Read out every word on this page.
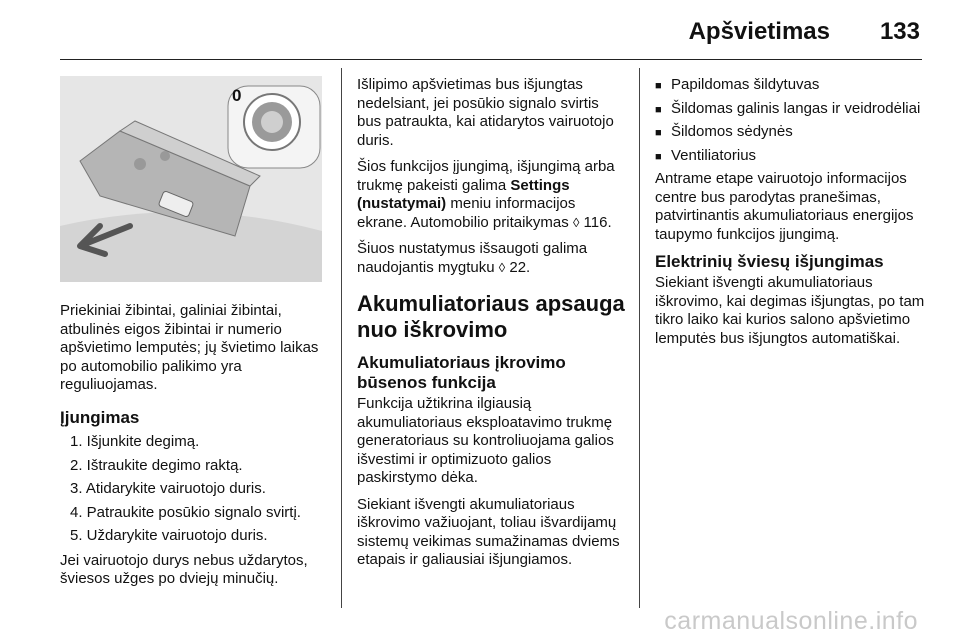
Apšvietimas 133
0

Priekiniai žibintai, galiniai žibintai, atbulinės eigos žibintai ir numerio apšvietimo lemputės; jų švietimo laikas po automobilio palikimo yra reguliuojamas.

Įjungimas
1. Išjunkite degimą.
2. Ištraukite degimo raktą.
3. Atidarykite vairuotojo duris.
4. Patraukite posūkio signalo svirtį.
5. Uždarykite vairuotojo duris.

Jei vairuotojo durys nebus uždarytos, šviesos užges po dviejų minučių.

Išlipimo apšvietimas bus išjungtas nedelsiant, jei posūkio signalo svirtis bus patraukta, kai atidarytos vairuotojo duris.

Šios funkcijos įjungimą, išjungimą arba trukmę pakeisti galima Settings (nustatymai) meniu informacijos ekrane. Automobilio pritaikymas ◊ 116.

Šiuos nustatymus išsaugoti galima naudojantis mygtuku ◊ 22.

Akumuliatoriaus apsauga nuo iškrovimo
Akumuliatoriaus įkrovimo būsenos funkcija

Funkcija užtikrina ilgiausią akumuliatoriaus eksploatavimo trukmę generatoriaus su kontroliuojama galios išvestimi ir optimizuoto galios paskirstymo dėka.

Siekiant išvengti akumuliatoriaus iškrovimo važiuojant, toliau išvardijamų sistemų veikimas sumažinamas dviems etapais ir galiausiai išjungiamos.

■ Papildomas šildytuvas
■ Šildomas galinis langas ir veidrodėliai
■ Šildomos sėdynės
■ Ventiliatorius

Antrame etape vairuotojo informacijos centre bus parodytas pranešimas, patvirtinantis akumuliatoriaus energijos taupymo funkcijos įjungimą.

Elektrinių šviesų išjungimas

Siekiant išvengti akumuliatoriaus iškrovimo, kai degimas išjungtas, po tam tikro laiko kai kurios salono apšvietimo lemputės bus išjungtos automatiškai.

carmanualsonline.info
